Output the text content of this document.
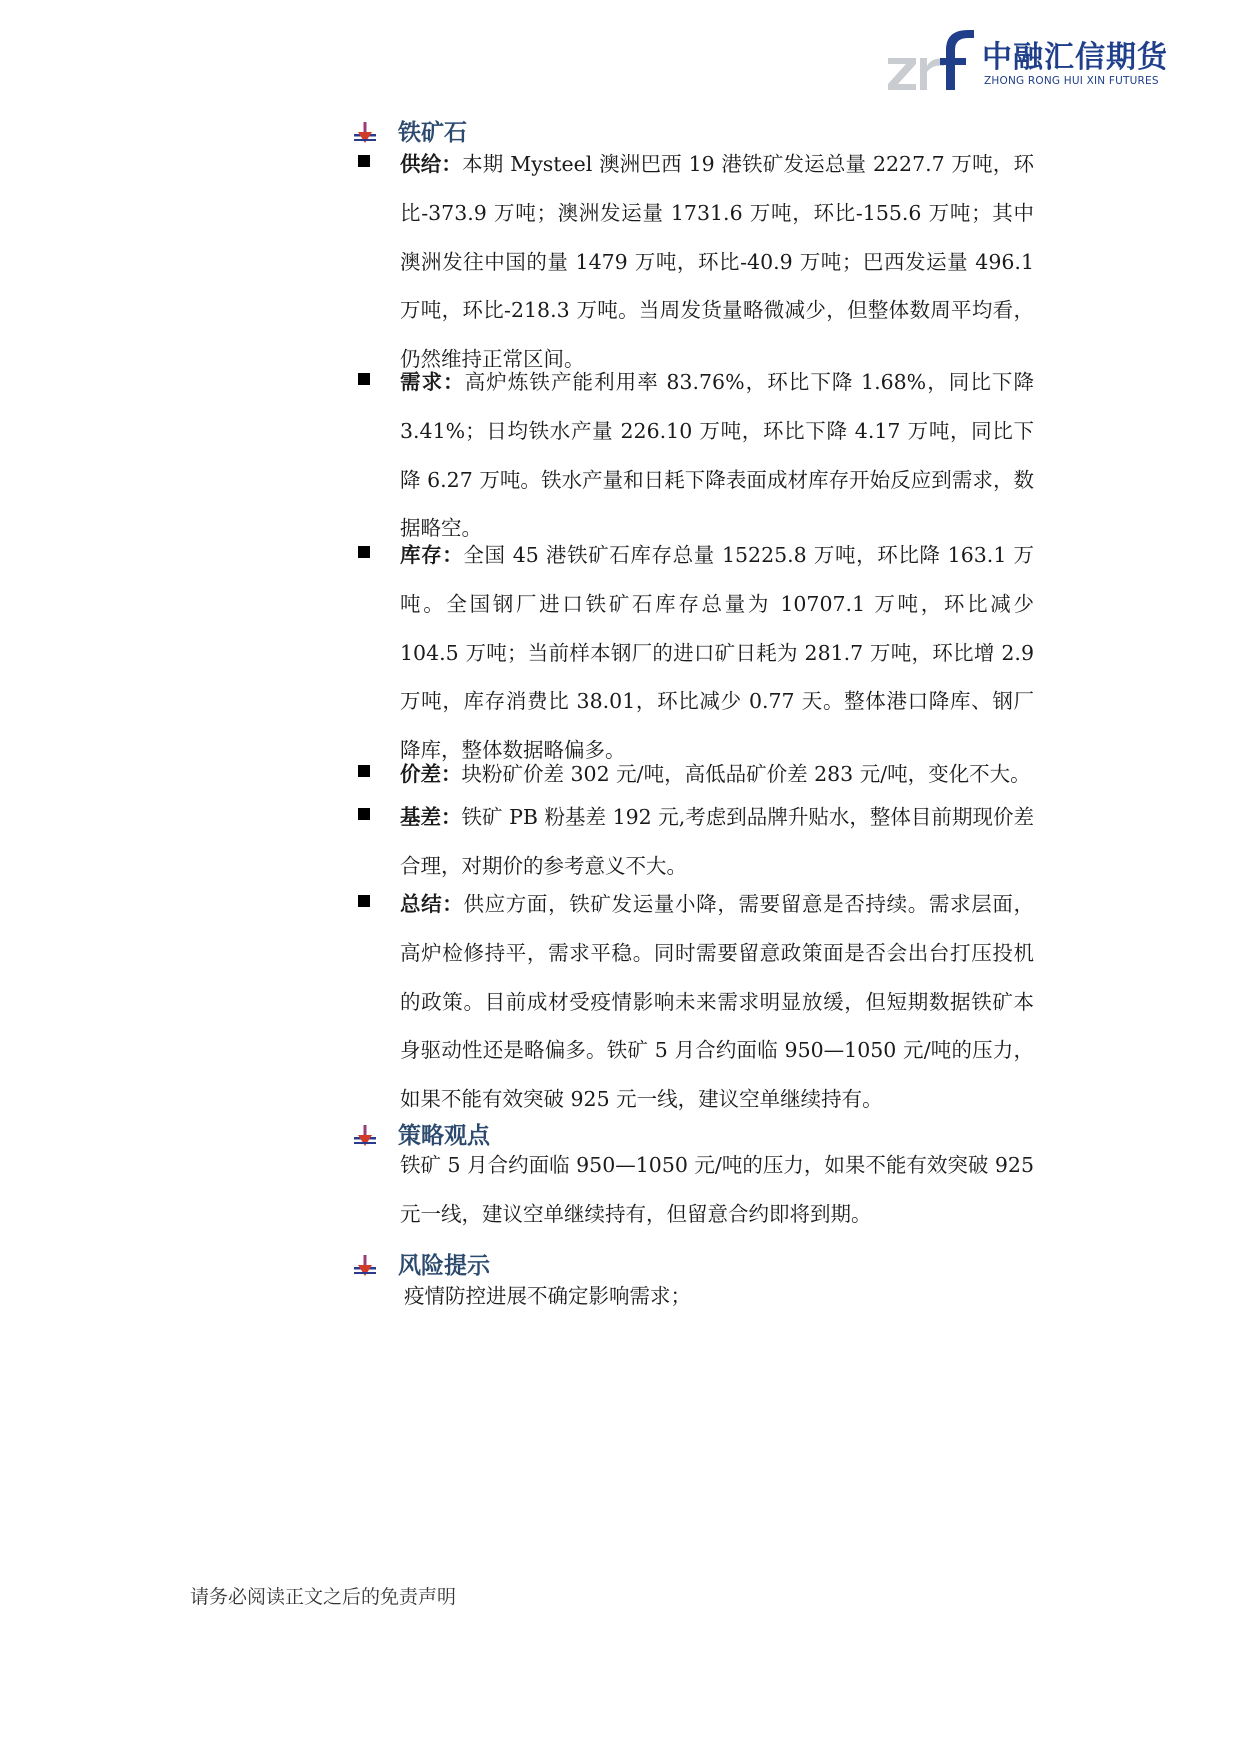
中融汇信期货
ZHONG RONG HUI XIN FUTURES
铁矿石
供给：本期 Mysteel 澳洲巴西 19 港铁矿发运总量 2227.7 万吨，环比-373.9 万吨；澳洲发运量 1731.6 万吨，环比-155.6 万吨；其中澳洲发往中国的量 1479 万吨，环比-40.9 万吨；巴西发运量 496.1 万吨，环比-218.3 万吨。当周发货量略微减少，但整体数周平均看，仍然维持正常区间。
需求：高炉炼铁产能利用率 83.76%，环比下降 1.68%，同比下降 3.41%；日均铁水产量 226.10 万吨，环比下降 4.17 万吨，同比下降 6.27 万吨。铁水产量和日耗下降表面成材库存开始反应到需求，数据略空。
库存：全国 45 港铁矿石库存总量 15225.8 万吨，环比降 163.1 万吨。全国钢厂进口铁矿石库存总量为 10707.1 万吨，环比减少 104.5 万吨；当前样本钢厂的进口矿日耗为 281.7 万吨，环比增 2.9 万吨，库存消费比 38.01，环比减少 0.77 天。整体港口降库、钢厂降库，整体数据略偏多。
价差：块粉矿价差 302 元/吨，高低品矿价差 283 元/吨，变化不大。
基差：铁矿 PB 粉基差 192 元,考虑到品牌升贴水，整体目前期现价差合理，对期价的参考意义不大。
总结：供应方面，铁矿发运量小降，需要留意是否持续。需求层面，高炉检修持平，需求平稳。同时需要留意政策面是否会出台打压投机的政策。目前成材受疫情影响未来需求明显放缓，但短期数据铁矿本身驱动性还是略偏多。铁矿 5 月合约面临 950—1050 元/吨的压力，如果不能有效突破 925 元一线，建议空单继续持有。
策略观点
铁矿 5 月合约面临 950—1050 元/吨的压力，如果不能有效突破 925 元一线，建议空单继续持有，但留意合约即将到期。
风险提示
疫情防控进展不确定影响需求；
请务必阅读正文之后的免责声明
